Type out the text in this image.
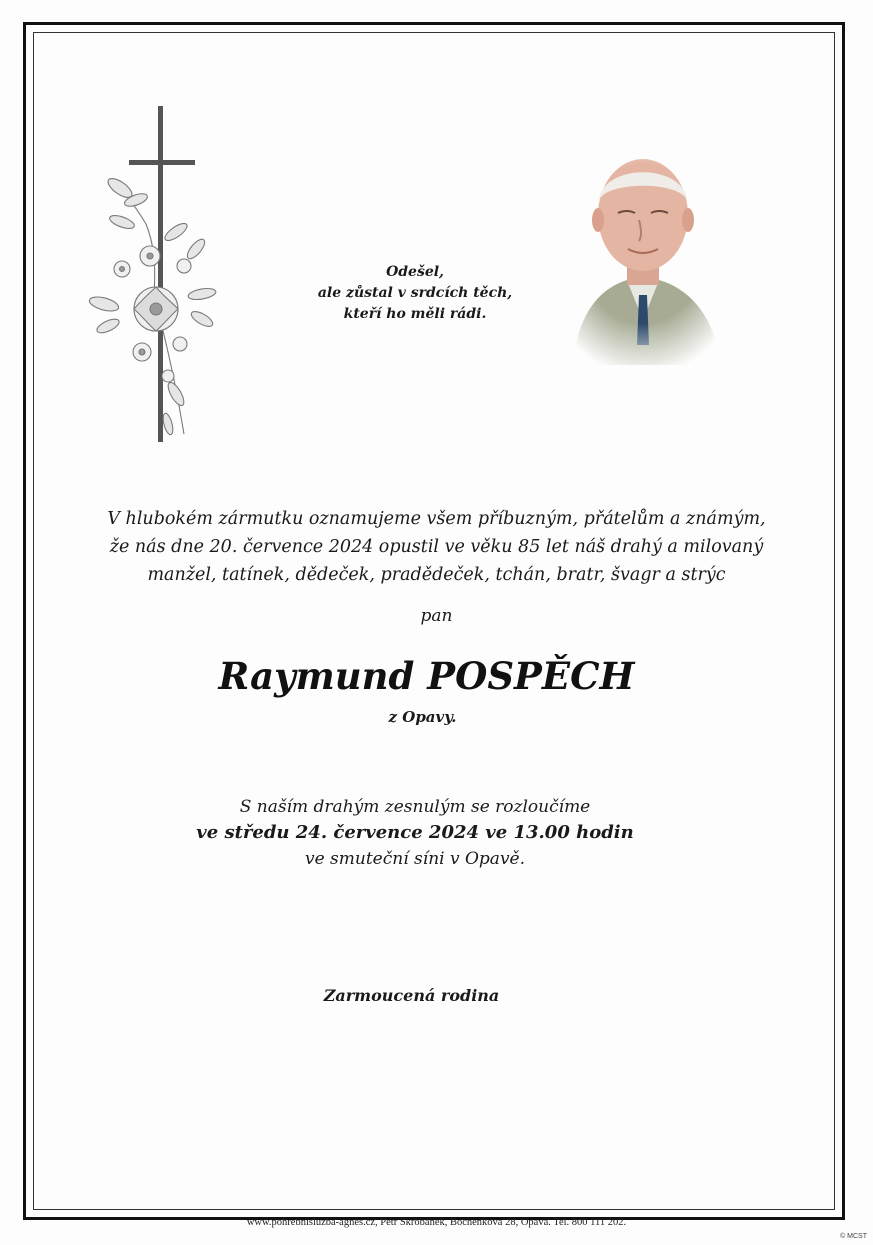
Odešel,
ale zůstal v srdcích těch,
kteří ho měli rádi.
V hlubokém zármutku oznamujeme všem příbuzným, přátelům a známým,
že nás dne 20. července 2024 opustil ve věku 85 let náš drahý a milovaný
manžel, tatínek, dědeček, pradědeček, tchán, bratr, švagr a strýc
pan
Raymund POSPĚCH
z Opavy.
S naším drahým zesnulým se rozloučíme
ve středu 24. července 2024 ve 13.00 hodin
ve smuteční síni v Opavě.
Zarmoucená rodina
www.pohrebnisluzba-agnes.cz, Petr Skrobánek, Bochenkova 28, Opava. Tel. 800 111 202.
© MCST
